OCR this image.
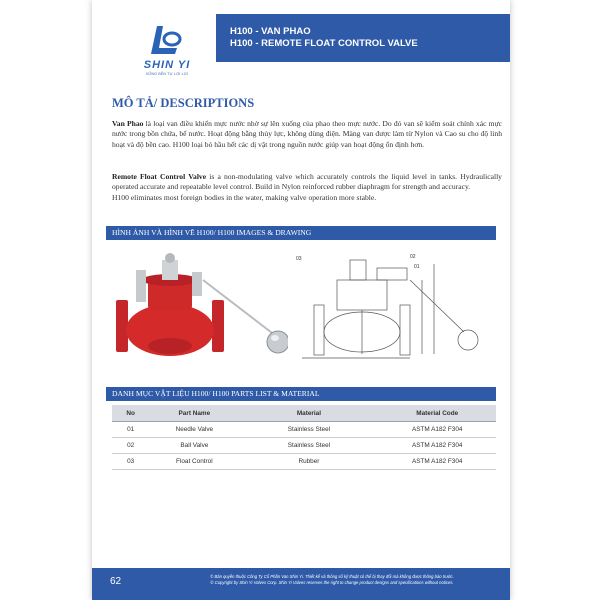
SHIN YI
VỮNG BỀN TỰ LỢI LỢI
H100 - VAN PHAO
H100 - REMOTE FLOAT CONTROL VALVE
MÔ TẢ/ DESCRIPTIONS
Van Phao là loại van điều khiển mực nước nhờ sự lên xuống của phao theo mực nước. Do đó van sẽ kiểm soát chính xác mực nước trong bồn chứa, bể nước. Hoạt động bằng thủy lực, không dùng điện. Màng van được làm từ Nylon và Cao su cho độ linh hoạt và độ bền cao. H100 loại bỏ hầu hết các dị vật trong nguồn nước giúp van hoạt động ổn định hơn.
Remote Float Control Valve is a non-modulating valve which accurately controls the liquid level in tanks. Hydraulically operated accurate and repeatable level control. Build in Nylon reinforced rubber diaphragm for strength and accuracy.
H100 eliminates most foreign bodies in the water, making valve operation more stable.
HÌNH ẢNH VÀ HÌNH VẼ H100/ H100 IMAGES & DRAWING
03	02
01
DANH MỤC VẬT LIỆU H100/ H100 PARTS LIST & MATERIAL
No	Part Name	Material	Material Code
01	Needle Valve	Stainless Steel	ASTM A182 F304
02	Ball Valve	Stainless Steel	ASTM A182 F304
03	Float Control	Rubber	ASTM A182 F304
62	© Bản quyền thuộc Công Ty Cổ Phần Van Shin Yi. Thiết kế và thông số kỹ thuật có thể bị thay đổi mà không được thông báo trước.
© Copyright by Shin Yi Valves Corp. Shin Yi Valves reserves the right to change product designs and specifications without notices.
